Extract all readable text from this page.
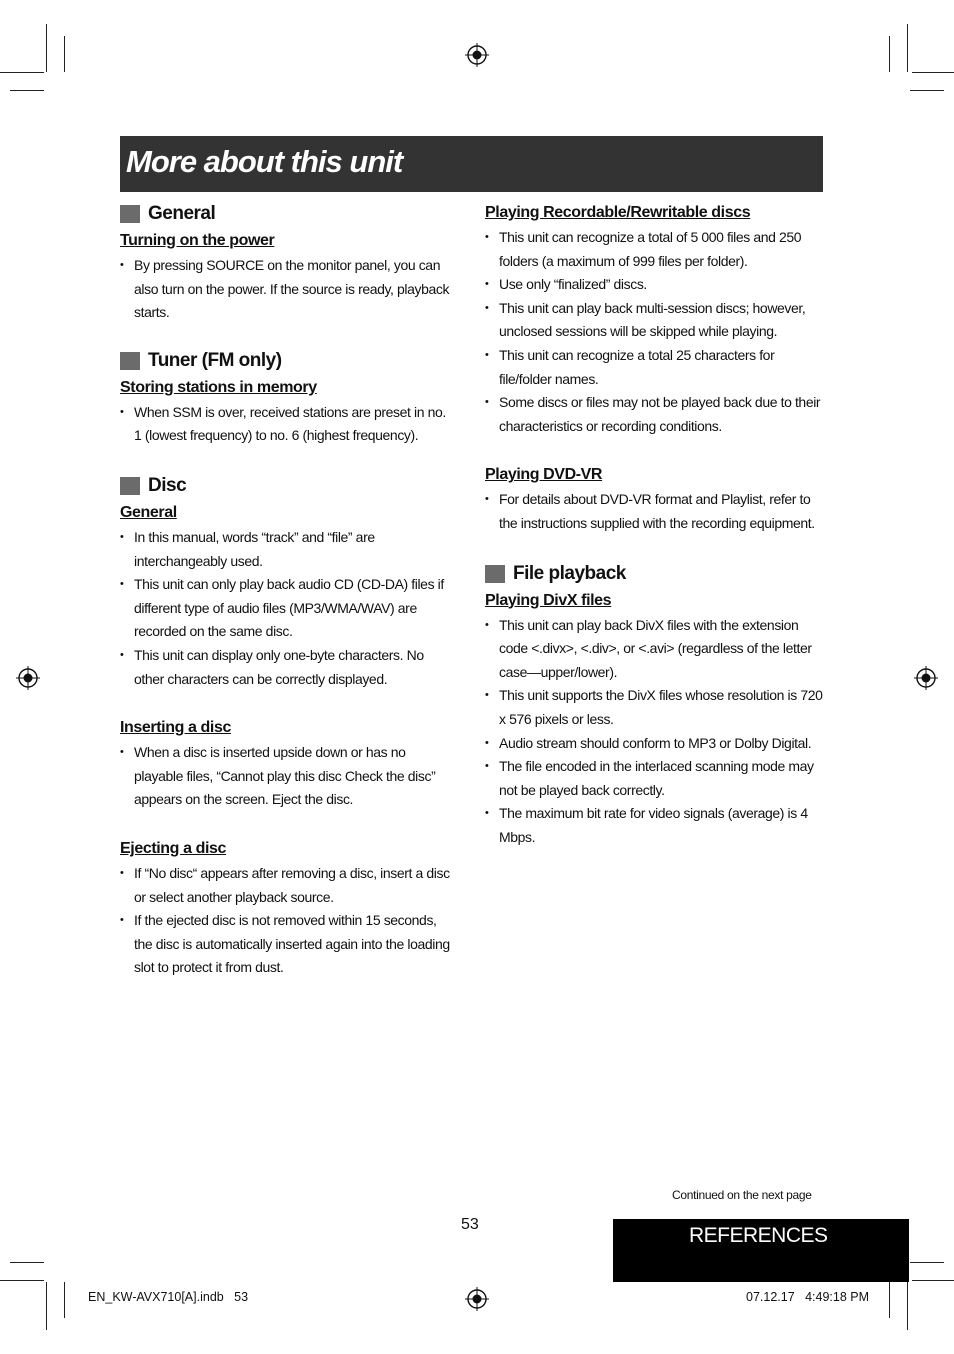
More about this unit
General
Turning on the power
• By pressing SOURCE on the monitor panel, you can also turn on the power. If the source is ready, playback starts.
Tuner (FM only)
Storing stations in memory
• When SSM is over, received stations are preset in no. 1 (lowest frequency) to no. 6 (highest frequency).
Disc
General
• In this manual, words “track” and “file” are interchangeably used.
• This unit can only play back audio CD (CD-DA) files if different type of audio files (MP3/WMA/WAV) are recorded on the same disc.
• This unit can display only one-byte characters. No other characters can be correctly displayed.
Inserting a disc
• When a disc is inserted upside down or has no playable files, “Cannot play this disc Check the disc” appears on the screen. Eject the disc.
Ejecting a disc
• If “No disc“ appears after removing a disc, insert a disc or select another playback source.
• If the ejected disc is not removed within 15 seconds, the disc is automatically inserted again into the loading slot to protect it from dust.
Playing Recordable/Rewritable discs
• This unit can recognize a total of 5 000 files and 250 folders (a maximum of 999 files per folder).
• Use only “finalized” discs.
• This unit can play back multi-session discs; however, unclosed sessions will be skipped while playing.
• This unit can recognize a total 25 characters for file/folder names.
• Some discs or files may not be played back due to their characteristics or recording conditions.
Playing DVD-VR
• For details about DVD-VR format and Playlist, refer to the instructions supplied with the recording equipment.
File playback
Playing DivX files
• This unit can play back DivX files with the extension code <.divx>, <.div>, or <.avi> (regardless of the letter case—upper/lower).
• This unit supports the DivX files whose resolution is 720 x 576 pixels or less.
• Audio stream should conform to MP3 or Dolby Digital.
• The file encoded in the interlaced scanning mode may not be played back correctly.
• The maximum bit rate for video signals (average) is 4 Mbps.
Continued on the next page
53	REFERENCES
EN_KW-AVX710[A].indb   53	07.12.17   4:49:18 PM
